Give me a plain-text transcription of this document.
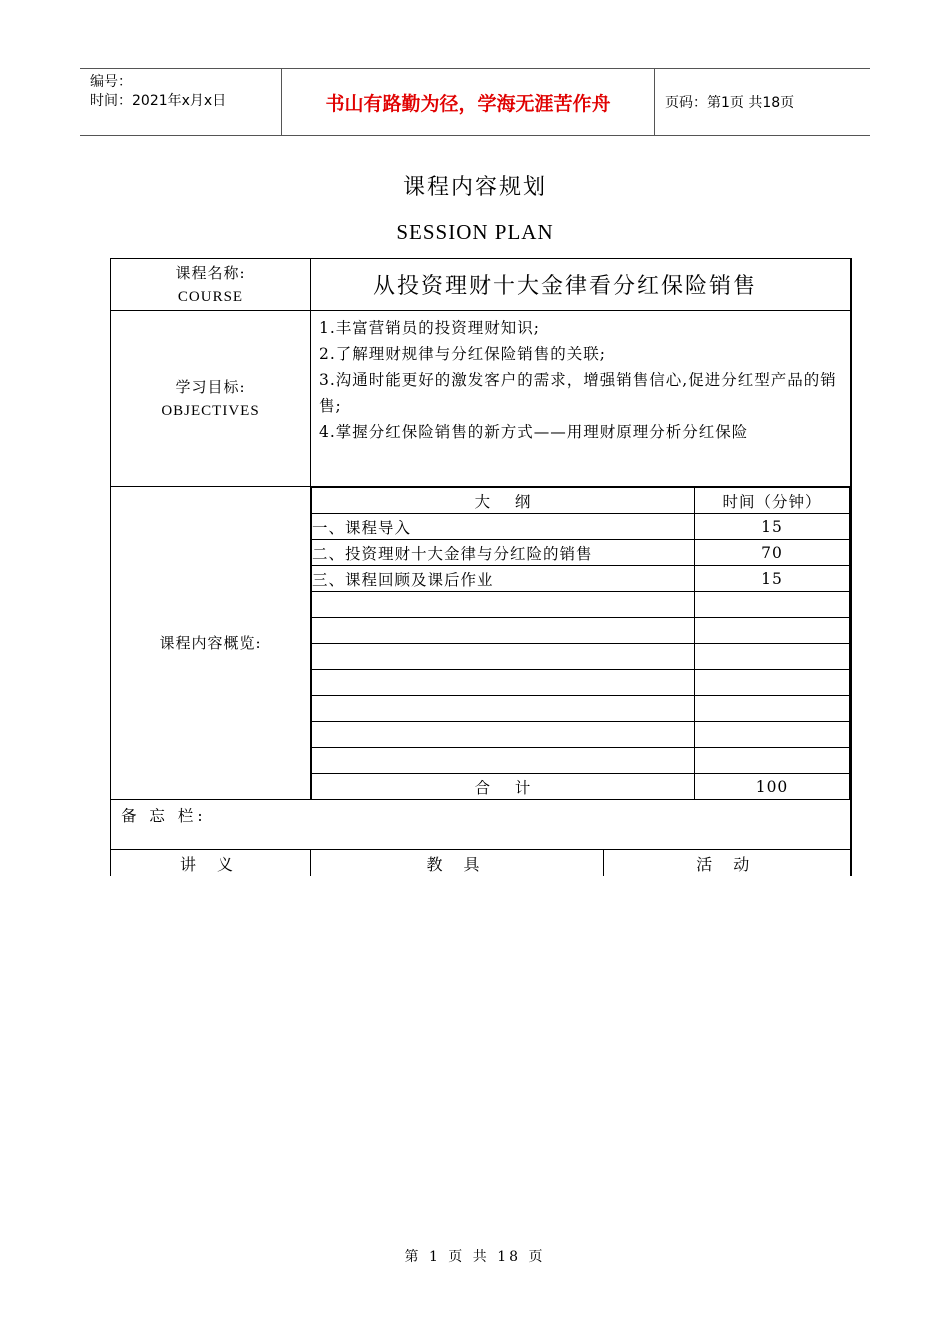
编号：
时间：2021年x月x日	书山有路勤为径，学海无涯苦作舟	页码：第1页 共18页
课程内容规划
SESSION PLAN
课程名称:
COURSE	从投资理财十大金律看分红保险销售

学习目标:
OBJECTIVES

1.丰富营销员的投资理财知识;
2.了解理财规律与分红保险销售的关联;
3.沟通时能更好的激发客户的需求，增强销售信心,促进分红型产品的销售;
4.掌握分红保险销售的新方式——用理财原理分析分红保险

课程内容概览:	
大    纲	时间（分钟）
一、课程导入	15
二、投资理财十大金律与分红险的销售	70
三、课程回顾及课后作业	15

合    计	100

备 忘 栏:
讲 义	教 具	活 动
第 1 页 共 18 页
